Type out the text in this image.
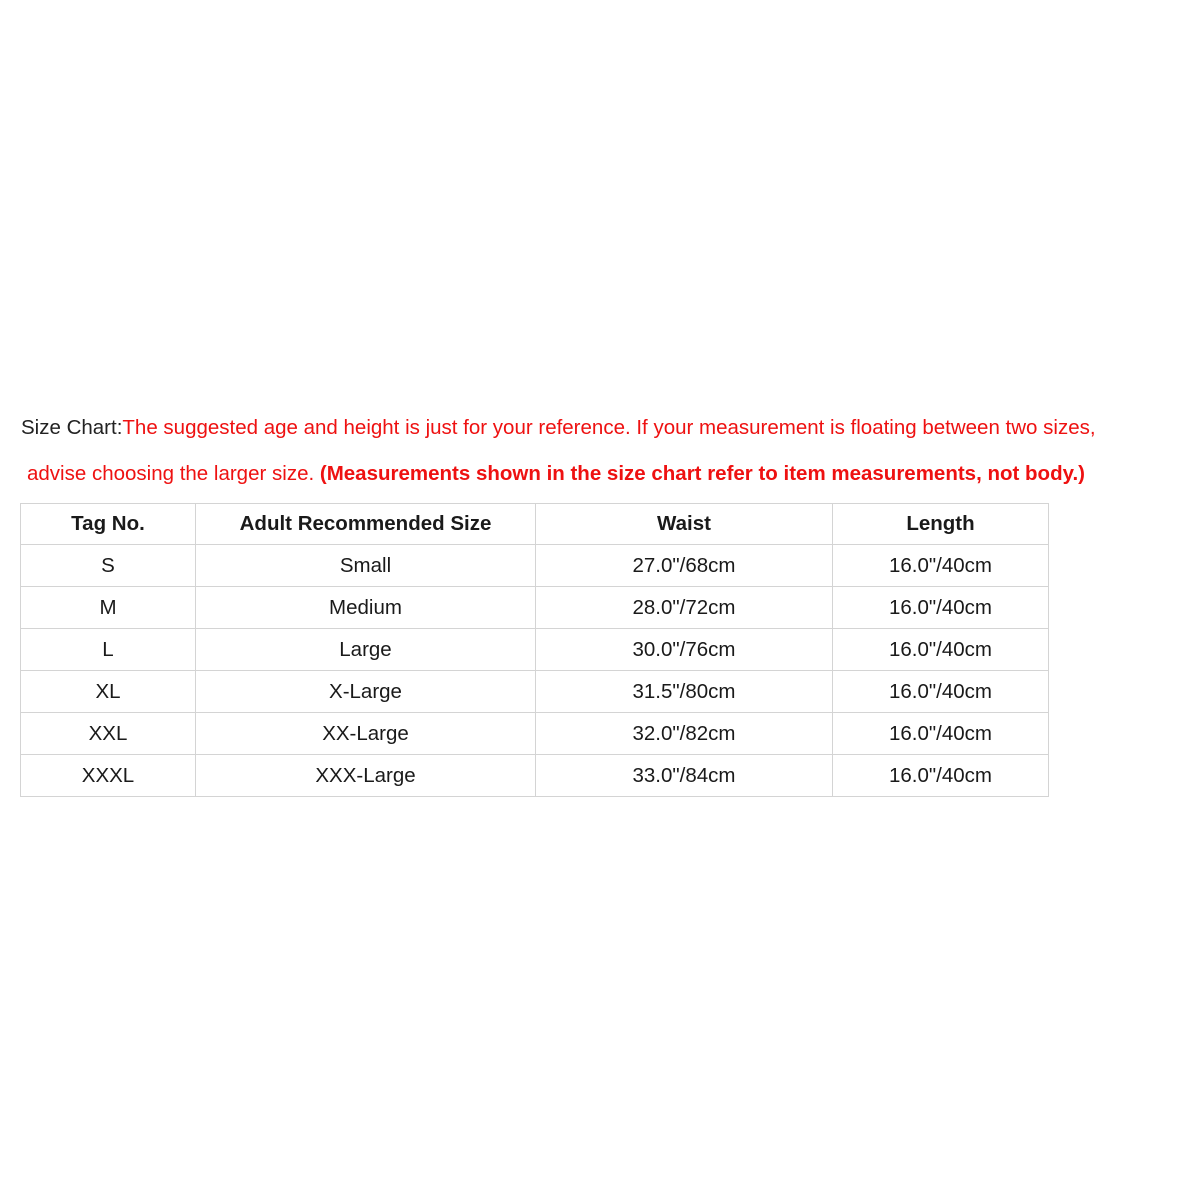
Size Chart:The suggested age and height is just for your reference. If your measurement is floating between two sizes,
advise choosing the larger size. (Measurements shown in the size chart refer to item measurements, not body.)
Tag No.	Adult Recommended Size	Waist	Length
S	Small	27.0"/68cm	16.0"/40cm
M	Medium	28.0"/72cm	16.0"/40cm
L	Large	30.0"/76cm	16.0"/40cm
XL	X-Large	31.5"/80cm	16.0"/40cm
XXL	XX-Large	32.0"/82cm	16.0"/40cm
XXXL	XXX-Large	33.0"/84cm	16.0"/40cm
